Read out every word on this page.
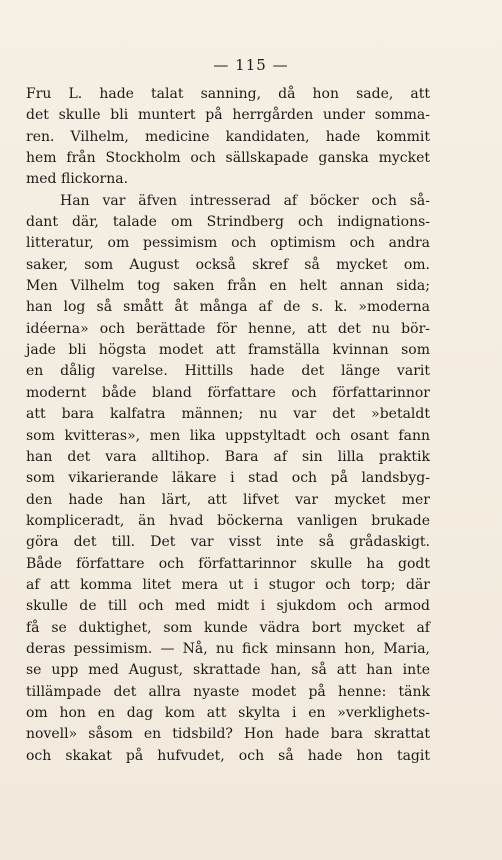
— 115 —
Fru L. hade talat sanning, då hon sade, att
det skulle bli muntert på herrgården under somma-
ren. Vilhelm, medicine kandidaten, hade kommit
hem från Stockholm och sällskapade ganska mycket
med flickorna.
Han var äfven intresserad af böcker och så-
dant där, talade om Strindberg och indignations-
litteratur, om pessimism och optimism och andra
saker, som August också skref så mycket om.
Men Vilhelm tog saken från en helt annan sida;
han log så smått åt många af de s. k. »moderna
idéerna» och berättade för henne, att det nu bör-
jade bli högsta modet att framställa kvinnan som
en dålig varelse. Hittills hade det länge varit
modernt både bland författare och författarinnor
att bara kalfatra männen; nu var det »betaldt
som kvitteras», men lika uppstyltadt och osant fann
han det vara alltihop. Bara af sin lilla praktik
som vikarierande läkare i stad och på landsbyg-
den hade han lärt, att lifvet var mycket mer
kompliceradt, än hvad böckerna vanligen brukade
göra det till. Det var visst inte så grådaskigt.
Både författare och författarinnor skulle ha godt
af att komma litet mera ut i stugor och torp; där
skulle de till och med midt i sjukdom och armod
få se duktighet, som kunde vädra bort mycket af
deras pessimism. — Nå, nu fick minsann hon, Maria,
se upp med August, skrattade han, så att han inte
tillämpade det allra nyaste modet på henne: tänk
om hon en dag kom att skylta i en »verklighets-
novell» såsom en tidsbild? Hon hade bara skrattat
och skakat på hufvudet, och så hade hon tagit
